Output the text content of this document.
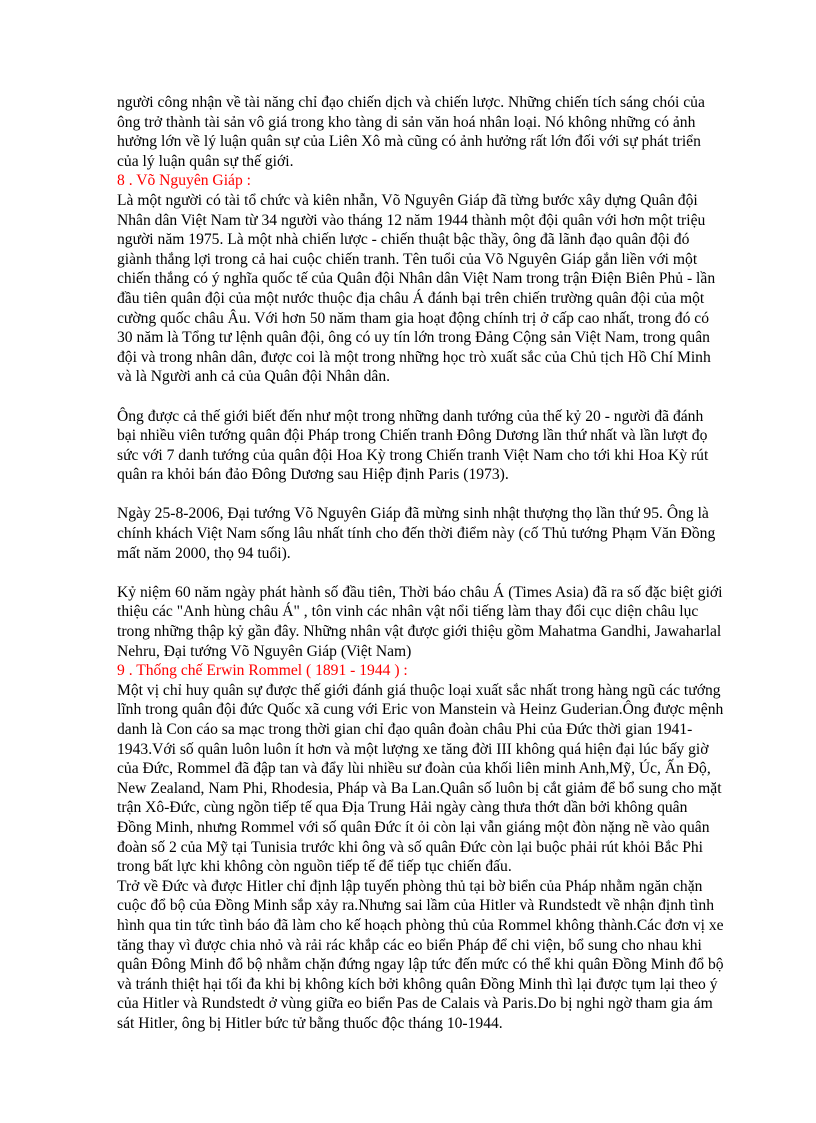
người công nhận về tài năng chỉ đạo chiến dịch và chiến lược. Những chiến tích sáng chói của
ông trở thành tài sản vô giá trong kho tàng di sản văn hoá nhân loại. Nó không những có ảnh
hưởng lớn về lý luận quân sự của Liên Xô mà cũng có ảnh hưởng rất lớn đối với sự phát triển
của lý luận quân sự thế giới.
8 . Võ Nguyên Giáp :
Là một người có tài tổ chức và kiên nhẫn, Võ Nguyên Giáp đã từng bước xây dựng Quân đội
Nhân dân Việt Nam từ 34 người vào tháng 12 năm 1944 thành một đội quân với hơn một triệu
người năm 1975. Là một nhà chiến lược - chiến thuật bậc thầy, ông đã lãnh đạo quân đội đó
giành thắng lợi trong cả hai cuộc chiến tranh. Tên tuổi của Võ Nguyên Giáp gắn liền với một
chiến thắng có ý nghĩa quốc tế của Quân đội Nhân dân Việt Nam trong trận Điện Biên Phủ - lần
đầu tiên quân đội của một nước thuộc địa châu Á đánh bại trên chiến trường quân đội của một
cường quốc châu Âu. Với hơn 50 năm tham gia hoạt động chính trị ở cấp cao nhất, trong đó có
30 năm là Tổng tư lệnh quân đội, ông có uy tín lớn trong Đảng Cộng sản Việt Nam, trong quân
đội và trong nhân dân, được coi là một trong những học trò xuất sắc của Chủ tịch Hồ Chí Minh
và là Người anh cả của Quân đội Nhân dân.
Ông được cả thế giới biết đến như một trong những danh tướng của thế kỷ 20 - người đã đánh
bại nhiều viên tướng quân đội Pháp trong Chiến tranh Đông Dương lần thứ nhất và lần lượt đọ
sức với 7 danh tướng của quân đội Hoa Kỳ trong Chiến tranh Việt Nam cho tới khi Hoa Kỳ rút
quân ra khỏi bán đảo Đông Dương sau Hiệp định Paris (1973).
Ngày 25-8-2006, Đại tướng Võ Nguyên Giáp đã mừng sinh nhật thượng thọ lần thứ 95. Ông là
chính khách Việt Nam sống lâu nhất tính cho đến thời điểm này (cố Thủ tướng Phạm Văn Đồng
mất năm 2000, thọ 94 tuổi).
Kỷ niệm 60 năm ngày phát hành số đầu tiên, Thời báo châu Á (Times Asia) đã ra số đặc biệt giới
thiệu các "Anh hùng châu Á" , tôn vinh các nhân vật nổi tiếng làm thay đổi cục diện châu lục
trong những thập kỷ gần đây. Những nhân vật được giới thiệu gồm Mahatma Gandhi, Jawaharlal
Nehru, Đại tướng Võ Nguyên Giáp (Việt Nam)
9 . Thống chế Erwin Rommel ( 1891 - 1944 ) :
Một vị chỉ huy quân sự được thế giới đánh giá thuộc loại xuất sắc nhất trong hàng ngũ các tướng
lĩnh trong quân đội đức Quốc xã cung với Eric von Manstein và Heinz Guderian.Ông được mệnh
danh là Con cáo sa mạc trong thời gian chỉ đạo quân đoàn châu Phi của Đức thời gian 1941-
1943.Với số quân luôn luôn ít hơn và một lượng xe tăng đời III không quá hiện đại lúc bấy giờ
của Đức, Rommel đã đập tan và đẩy lùi nhiều sư đoàn của khối liên minh Anh,Mỹ, Úc, Ấn Độ,
New Zealand, Nam Phi, Rhodesia, Pháp và Ba Lan.Quân số luôn bị cắt giảm để bổ sung cho mặt
trận Xô-Đức, cùng ngồn tiếp tế qua Địa Trung Hải ngày càng thưa thớt dần bởi không quân
Đồng Minh, nhưng Rommel với số quân Đức ít ỏi còn lại vẫn giáng một đòn nặng nề vào quân
đoàn số 2 của Mỹ tại Tunisia trước khi ông và số quân Đức còn lại buộc phải rút khỏi Bắc Phi
trong bất lực khi không còn nguồn tiếp tế để tiếp tục chiến đấu.
Trở về Đức và được Hitler chỉ định lập tuyến phòng thủ tại bờ biển của Pháp nhằm ngăn chặn
cuộc đổ bộ của Đồng Minh sắp xảy ra.Nhưng sai lầm của Hitler và Rundstedt về nhận định tình
hình qua tin tức tình báo đã làm cho kế hoạch phòng thủ của Rommel không thành.Các đơn vị xe
tăng thay vì được chia nhỏ và rải rác khắp các eo biển Pháp để chi viện, bổ sung cho nhau khi
quân Đông Minh đổ bộ nhằm chặn đứng ngay lập tức đến mức có thể khi quân Đồng Minh đổ bộ
và tránh thiệt hại tối đa khi bị không kích bởi không quân Đồng Minh thì lại được tụm lại theo ý
của Hitler và Rundstedt ở vùng giữa eo biển Pas de Calais và Paris.Do bị nghi ngờ tham gia ám
sát Hitler, ông bị Hitler bức tử bằng thuốc độc tháng 10-1944.
